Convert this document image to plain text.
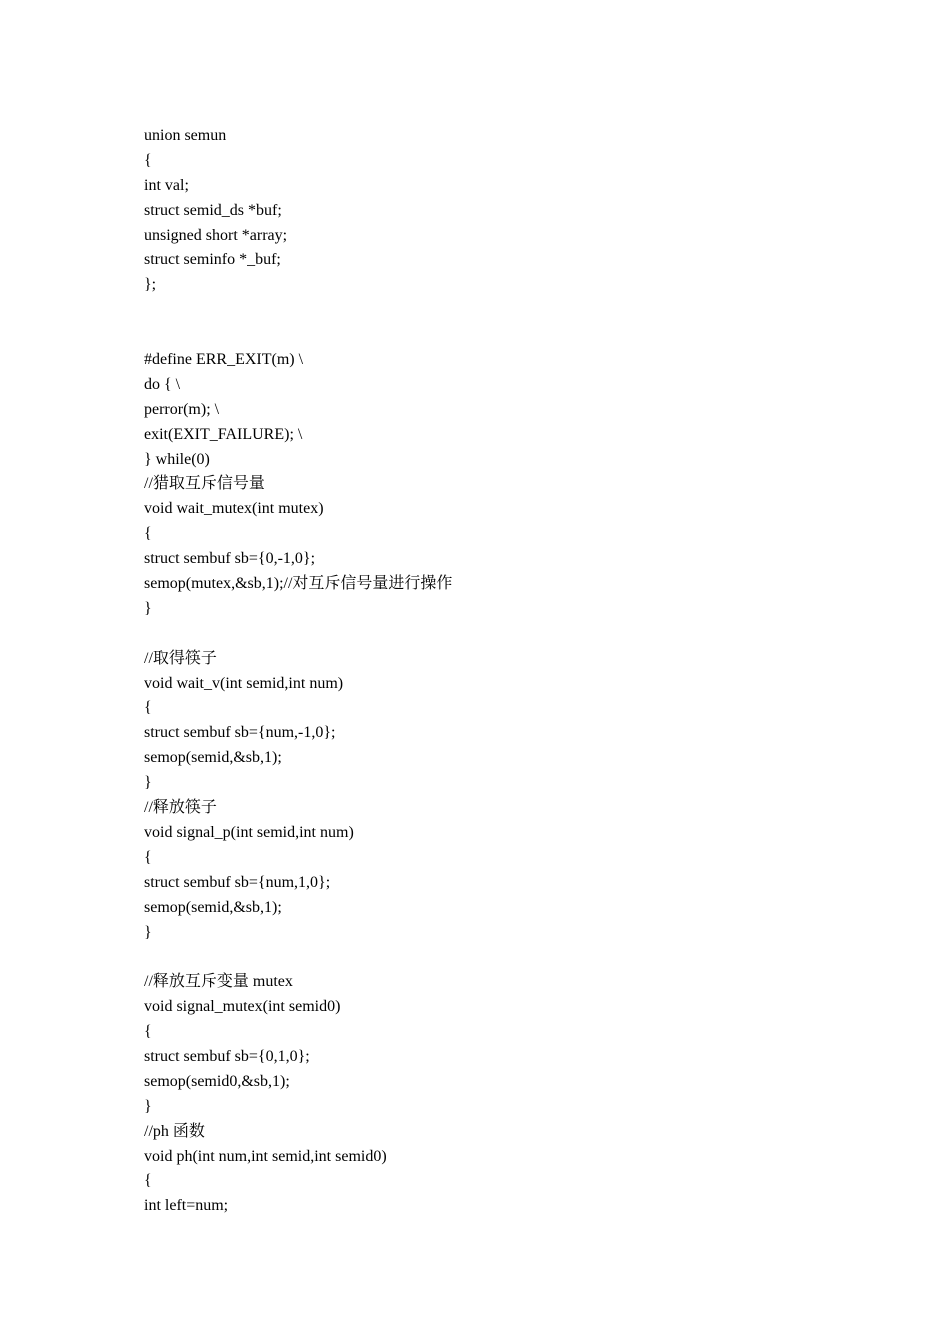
union semun
{
int val;
struct semid_ds *buf;
unsigned short *array;
struct seminfo *_buf;
};
#define ERR_EXIT(m) \
do { \
perror(m); \
exit(EXIT_FAILURE); \
} while(0)
//猎取互斥信号量
void wait_mutex(int mutex)
{
struct sembuf sb={0,-1,0};
semop(mutex,&sb,1);//对互斥信号量进行操作
}
//取得筷子
void wait_v(int semid,int num)
{
struct sembuf sb={num,-1,0};
semop(semid,&sb,1);
}
//释放筷子
void signal_p(int semid,int num)
{
struct sembuf sb={num,1,0};
semop(semid,&sb,1);
}
//释放互斥变量 mutex
void signal_mutex(int semid0)
{
struct sembuf sb={0,1,0};
semop(semid0,&sb,1);
}
//ph 函数
void ph(int num,int semid,int semid0)
{
int left=num;
